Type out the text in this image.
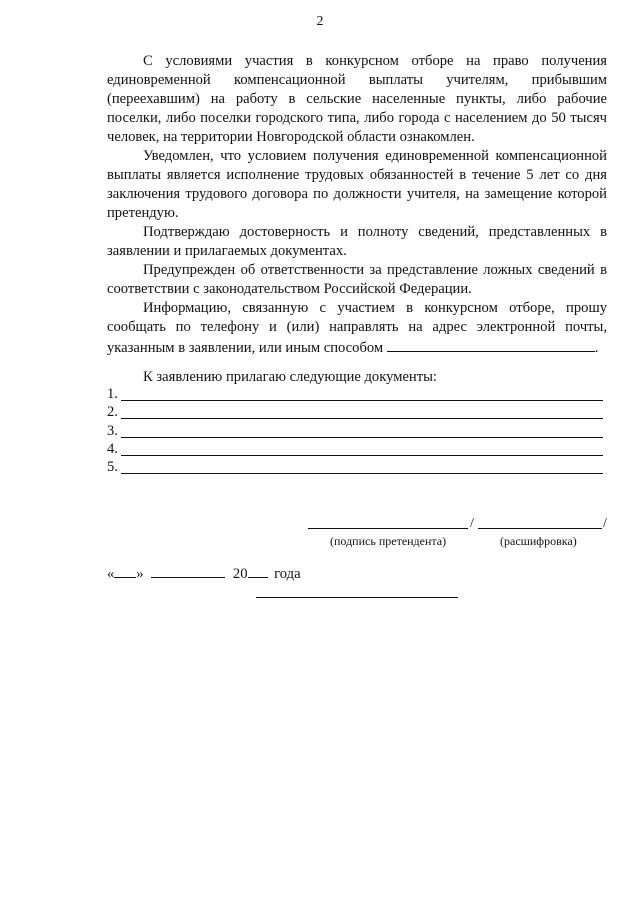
2

С условиями участия в конкурсном отборе на право получения единовременной компенсационной выплаты учителям, прибывшим (переехавшим) на работу в сельские населенные пункты, либо рабочие поселки, либо поселки городского типа, либо города с населением до 50 тысяч человек, на территории Новгородской области ознакомлен.

Уведомлен, что условием получения единовременной компенсационной выплаты является исполнение трудовых обязанностей в течение 5 лет со дня заключения трудового договора по должности учителя, на замещение которой претендую.

Подтверждаю достоверность и полноту сведений, представленных в заявлении и прилагаемых документах.

Предупрежден об ответственности за представление ложных сведений в соответствии с законодательством Российской Федерации.

Информацию, связанную с участием в конкурсном отборе, прошу сообщать по телефону и (или) направлять на адрес электронной почты, указанным в заявлении, или иным способом	.

К заявлению прилагаю следующие документы:

1.
2.
3.
4.
5.
/	/
(подпись претендента)	(расшифровка)
« »	20 года
